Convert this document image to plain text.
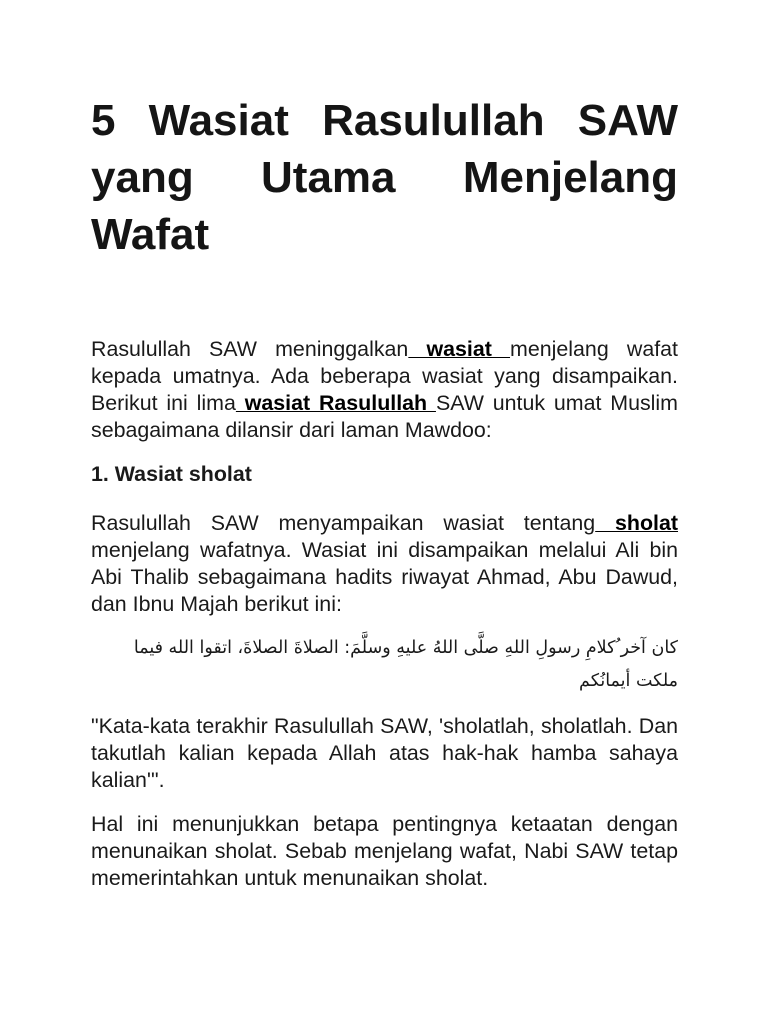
5 Wasiat Rasulullah SAW yang Utama Menjelang Wafat

Rasulullah SAW meninggalkan wasiat menjelang wafat kepada umatnya. Ada beberapa wasiat yang disampaikan. Berikut ini lima wasiat Rasulullah SAW untuk umat Muslim sebagaimana dilansir dari laman Mawdoo:

1. Wasiat sholat

Rasulullah SAW menyampaikan wasiat tentang sholat menjelang wafatnya. Wasiat ini disampaikan melalui Ali bin Abi Thalib sebagaimana hadits riwayat Ahmad, Abu Dawud, dan Ibnu Majah berikut ini:

كان آخر ُكلامِ رسولِ اللهِ صلَّى اللهُ عليهِ وسلَّمَ: الصلاةَ الصلاةَ، اتقوا الله فيما ملكت أيمانُكم

"Kata-kata terakhir Rasulullah SAW, 'sholatlah, sholatlah. Dan takutlah kalian kepada Allah atas hak-hak hamba sahaya kalian'".

Hal ini menunjukkan betapa pentingnya ketaatan dengan menunaikan sholat. Sebab menjelang wafat, Nabi SAW tetap memerintahkan untuk menunaikan sholat.
